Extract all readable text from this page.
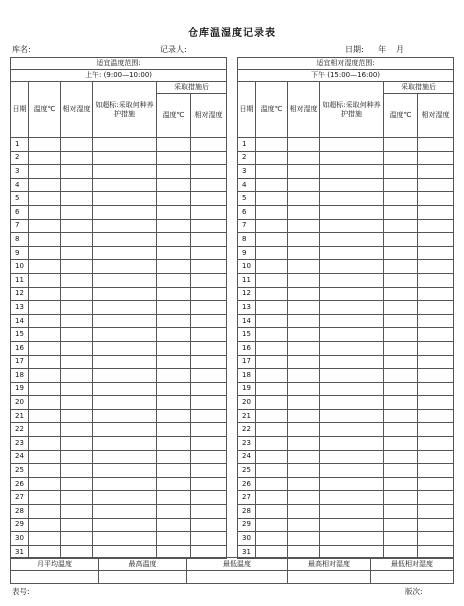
仓库温湿度记录表
库名:	记录人:	日期: 年 月
适宜温度范围:					
上午: (9:00—10:00)					
日期	温度℃	相对湿度	如超标:采取何种养护措施	采取措施后	
				温度℃	相对湿度
1					
2					
3					
4					
5					
6					
7					
8					
9					
10					
11					
12					
13					
14					
15					
16					
17					
18					
19					
20					
21					
22					
23					
24					
25					
26					
27					
28					
29					
30					
31					
适宜相对湿度范围:					
下午 (15:00—16:00)					
日期	温度℃	相对湿度	如超标:采取何种养护措施	采取措施后	
				温度℃	相对湿度
1					
2					
3					
4					
5					
6					
7					
8					
9					
10					
11					
12					
13					
14					
15					
16					
17					
18					
19					
20					
21					
22					
23					
24					
25					
26					
27					
28					
29					
30					
31					
月平均温度	最高温度	最低温度	最高相对湿度	最低相对湿度

表号:	版次:
